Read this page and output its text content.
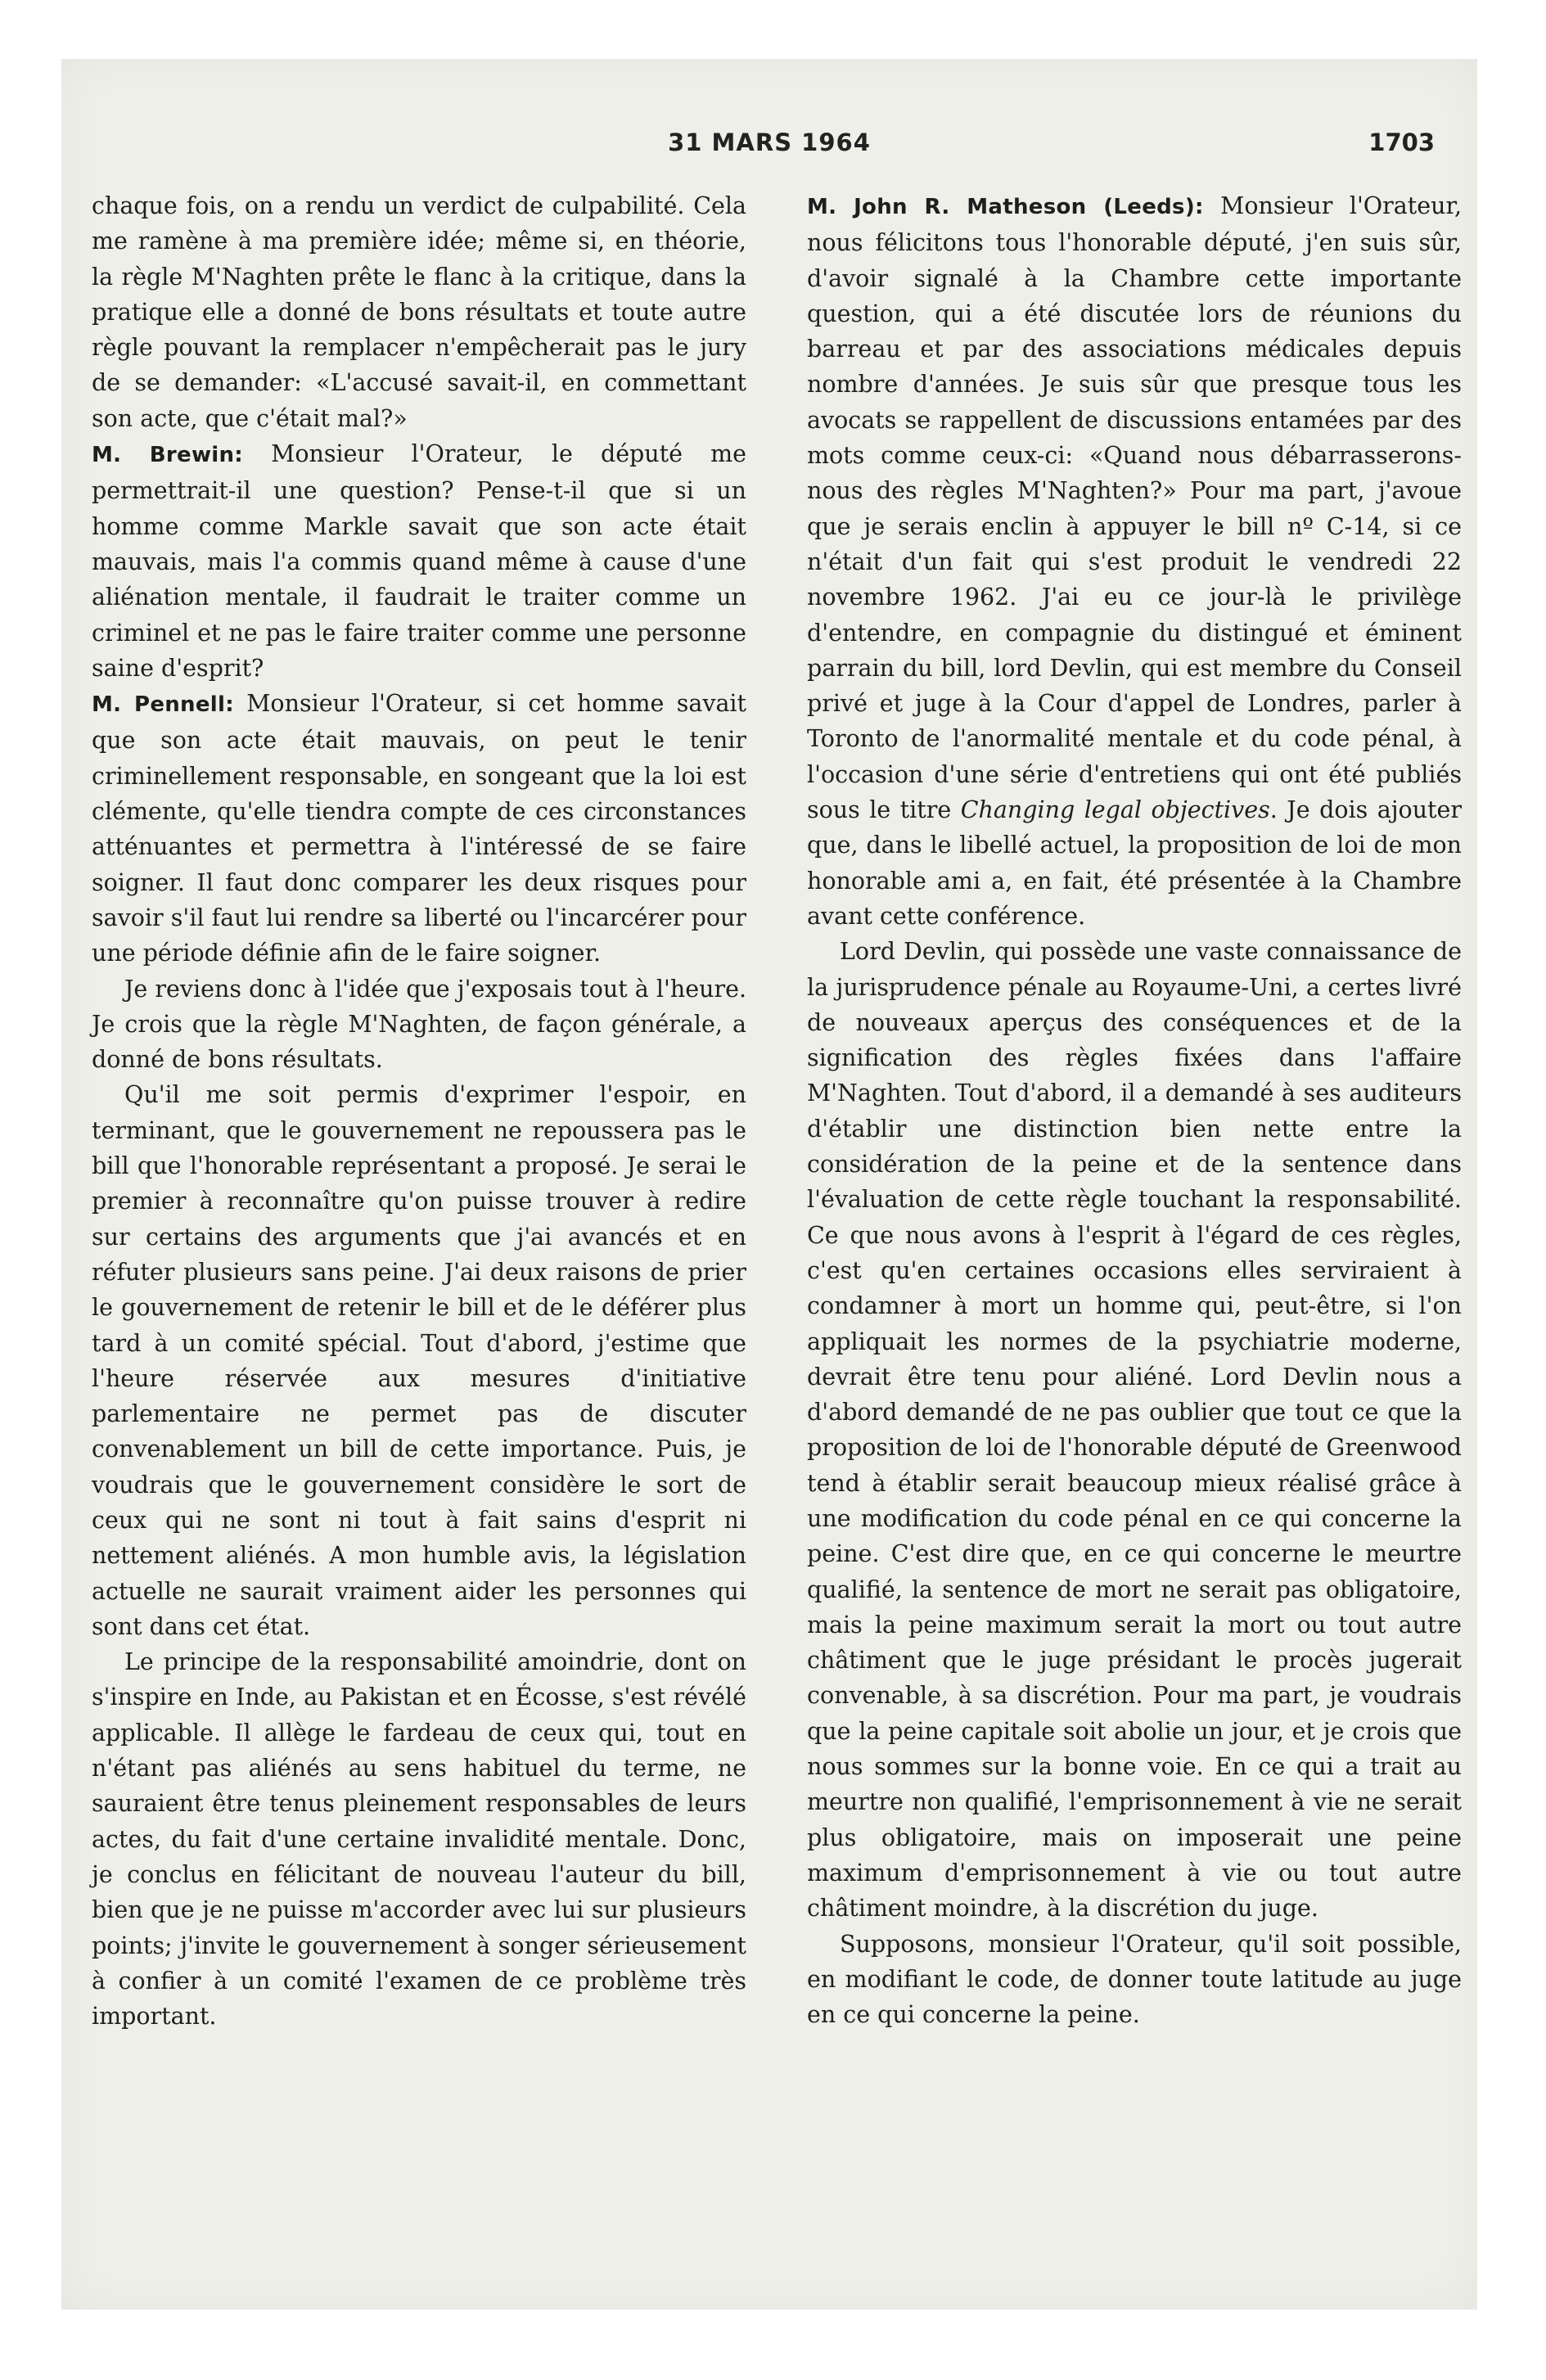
31 MARS 1964	1703

chaque fois, on a rendu un verdict de culpabilité. Cela me ramène à ma première idée; même si, en théorie, la règle M'Naghten prête le flanc à la critique, dans la pratique elle a donné de bons résultats et toute autre règle pouvant la remplacer n'empêcherait pas le jury de se demander: «L'accusé savait-il, en commettant son acte, que c'était mal?»

M. Brewin: Monsieur l'Orateur, le député me permettrait-il une question? Pense-t-il que si un homme comme Markle savait que son acte était mauvais, mais l'a commis quand même à cause d'une aliénation mentale, il faudrait le traiter comme un criminel et ne pas le faire traiter comme une personne saine d'esprit?

M. Pennell: Monsieur l'Orateur, si cet homme savait que son acte était mauvais, on peut le tenir criminellement responsable, en songeant que la loi est clémente, qu'elle tiendra compte de ces circonstances atténuantes et permettra à l'intéressé de se faire soigner. Il faut donc comparer les deux risques pour savoir s'il faut lui rendre sa liberté ou l'incarcérer pour une période définie afin de le faire soigner.

Je reviens donc à l'idée que j'exposais tout à l'heure. Je crois que la règle M'Naghten, de façon générale, a donné de bons résultats.

Qu'il me soit permis d'exprimer l'espoir, en terminant, que le gouvernement ne repoussera pas le bill que l'honorable représentant a proposé. Je serai le premier à reconnaître qu'on puisse trouver à redire sur certains des arguments que j'ai avancés et en réfuter plusieurs sans peine. J'ai deux raisons de prier le gouvernement de retenir le bill et de le déférer plus tard à un comité spécial. Tout d'abord, j'estime que l'heure réservée aux mesures d'initiative parlementaire ne permet pas de discuter convenablement un bill de cette importance. Puis, je voudrais que le gouvernement considère le sort de ceux qui ne sont ni tout à fait sains d'esprit ni nettement aliénés. A mon humble avis, la législation actuelle ne saurait vraiment aider les personnes qui sont dans cet état.

Le principe de la responsabilité amoindrie, dont on s'inspire en Inde, au Pakistan et en Écosse, s'est révélé applicable. Il allège le fardeau de ceux qui, tout en n'étant pas aliénés au sens habituel du terme, ne sauraient être tenus pleinement responsables de leurs actes, du fait d'une certaine invalidité mentale. Donc, je conclus en félicitant de nouveau l'auteur du bill, bien que je ne puisse m'accorder avec lui sur plusieurs points; j'invite le gouvernement à songer sérieusement à confier à un comité l'examen de ce problème très important.

M. John R. Matheson (Leeds): Monsieur l'Orateur, nous félicitons tous l'honorable député, j'en suis sûr, d'avoir signalé à la Chambre cette importante question, qui a été discutée lors de réunions du barreau et par des associations médicales depuis nombre d'années. Je suis sûr que presque tous les avocats se rappellent de discussions entamées par des mots comme ceux-ci: «Quand nous débarrasserons-nous des règles M'Naghten?» Pour ma part, j'avoue que je serais enclin à appuyer le bill nº C-14, si ce n'était d'un fait qui s'est produit le vendredi 22 novembre 1962. J'ai eu ce jour-là le privilège d'entendre, en compagnie du distingué et éminent parrain du bill, lord Devlin, qui est membre du Conseil privé et juge à la Cour d'appel de Londres, parler à Toronto de l'anormalité mentale et du code pénal, à l'occasion d'une série d'entretiens qui ont été publiés sous le titre Changing legal objectives. Je dois ajouter que, dans le libellé actuel, la proposition de loi de mon honorable ami a, en fait, été présentée à la Chambre avant cette conférence.

Lord Devlin, qui possède une vaste connaissance de la jurisprudence pénale au Royaume-Uni, a certes livré de nouveaux aperçus des conséquences et de la signification des règles fixées dans l'affaire M'Naghten. Tout d'abord, il a demandé à ses auditeurs d'établir une distinction bien nette entre la considération de la peine et de la sentence dans l'évaluation de cette règle touchant la responsabilité. Ce que nous avons à l'esprit à l'égard de ces règles, c'est qu'en certaines occasions elles serviraient à condamner à mort un homme qui, peut-être, si l'on appliquait les normes de la psychiatrie moderne, devrait être tenu pour aliéné. Lord Devlin nous a d'abord demandé de ne pas oublier que tout ce que la proposition de loi de l'honorable député de Greenwood tend à établir serait beaucoup mieux réalisé grâce à une modification du code pénal en ce qui concerne la peine. C'est dire que, en ce qui concerne le meurtre qualifié, la sentence de mort ne serait pas obligatoire, mais la peine maximum serait la mort ou tout autre châtiment que le juge présidant le procès jugerait convenable, à sa discrétion. Pour ma part, je voudrais que la peine capitale soit abolie un jour, et je crois que nous sommes sur la bonne voie. En ce qui a trait au meurtre non qualifié, l'emprisonnement à vie ne serait plus obligatoire, mais on imposerait une peine maximum d'emprisonnement à vie ou tout autre châtiment moindre, à la discrétion du juge.

Supposons, monsieur l'Orateur, qu'il soit possible, en modifiant le code, de donner toute latitude au juge en ce qui concerne la peine.
